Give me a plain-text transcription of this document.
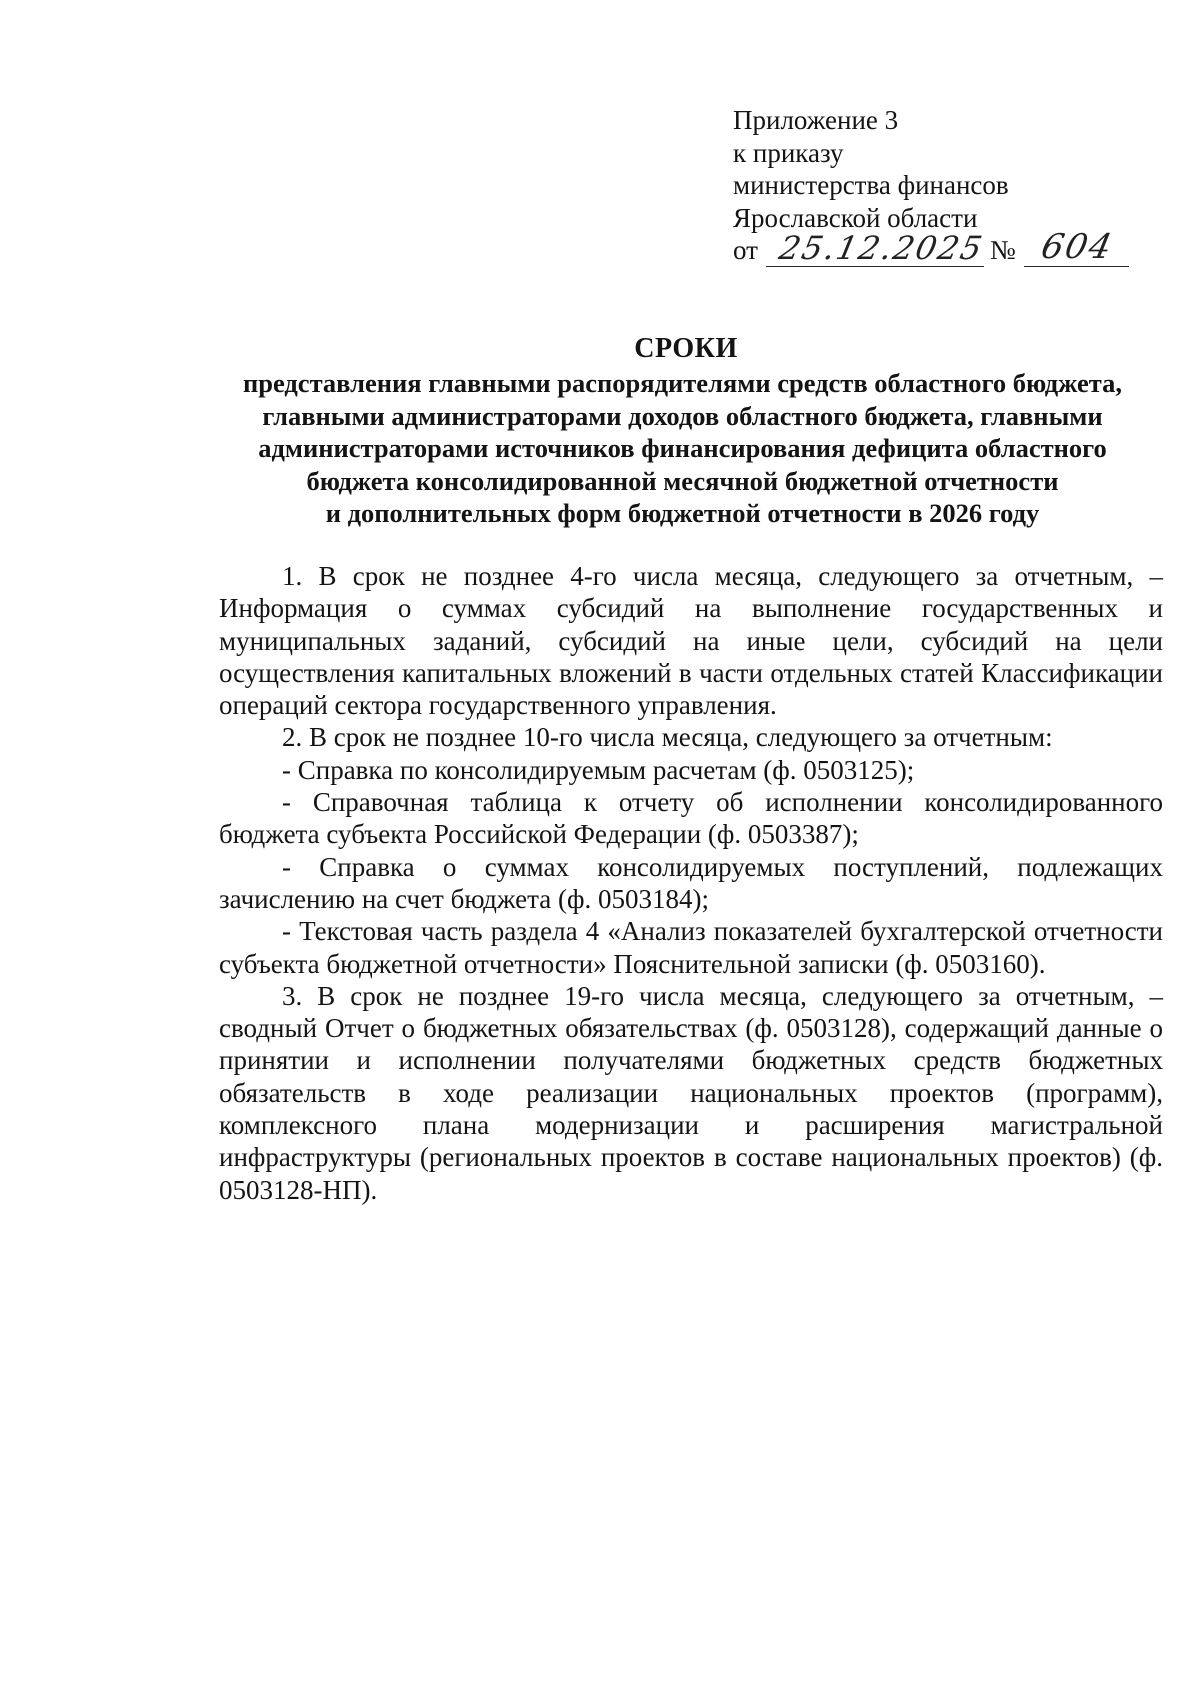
Приложение 3
к приказу
министерства финансов
Ярославской области
от 25.12.2025 № 604
СРОКИ
представления главными распорядителями средств областного бюджета,
главными администраторами доходов областного бюджета, главными
администраторами источников финансирования дефицита областного
бюджета консолидированной месячной бюджетной отчетности
и дополнительных форм бюджетной отчетности в 2026 году

1. В срок не позднее 4-го числа месяца, следующего за отчетным, – Информация о суммах субсидий на выполнение государственных и муниципальных заданий, субсидий на иные цели, субсидий на цели осуществления капитальных вложений в части отдельных статей Классификации операций сектора государственного управления.

2. В срок не позднее 10-го числа месяца, следующего за отчетным:

- Справка по консолидируемым расчетам (ф. 0503125);

- Справочная таблица к отчету об исполнении консолидированного бюджета субъекта Российской Федерации (ф. 0503387);

- Справка о суммах консолидируемых поступлений, подлежащих зачислению на счет бюджета (ф. 0503184);

- Текстовая часть раздела 4 «Анализ показателей бухгалтерской отчетности субъекта бюджетной отчетности» Пояснительной записки (ф. 0503160).

3. В срок не позднее 19-го числа месяца, следующего за отчетным, – сводный Отчет о бюджетных обязательствах (ф. 0503128), содержащий данные о принятии и исполнении получателями бюджетных средств бюджетных обязательств в ходе реализации национальных проектов (программ), комплексного плана модернизации и расширения магистральной инфраструктуры (региональных проектов в составе национальных проектов) (ф. 0503128-НП).
